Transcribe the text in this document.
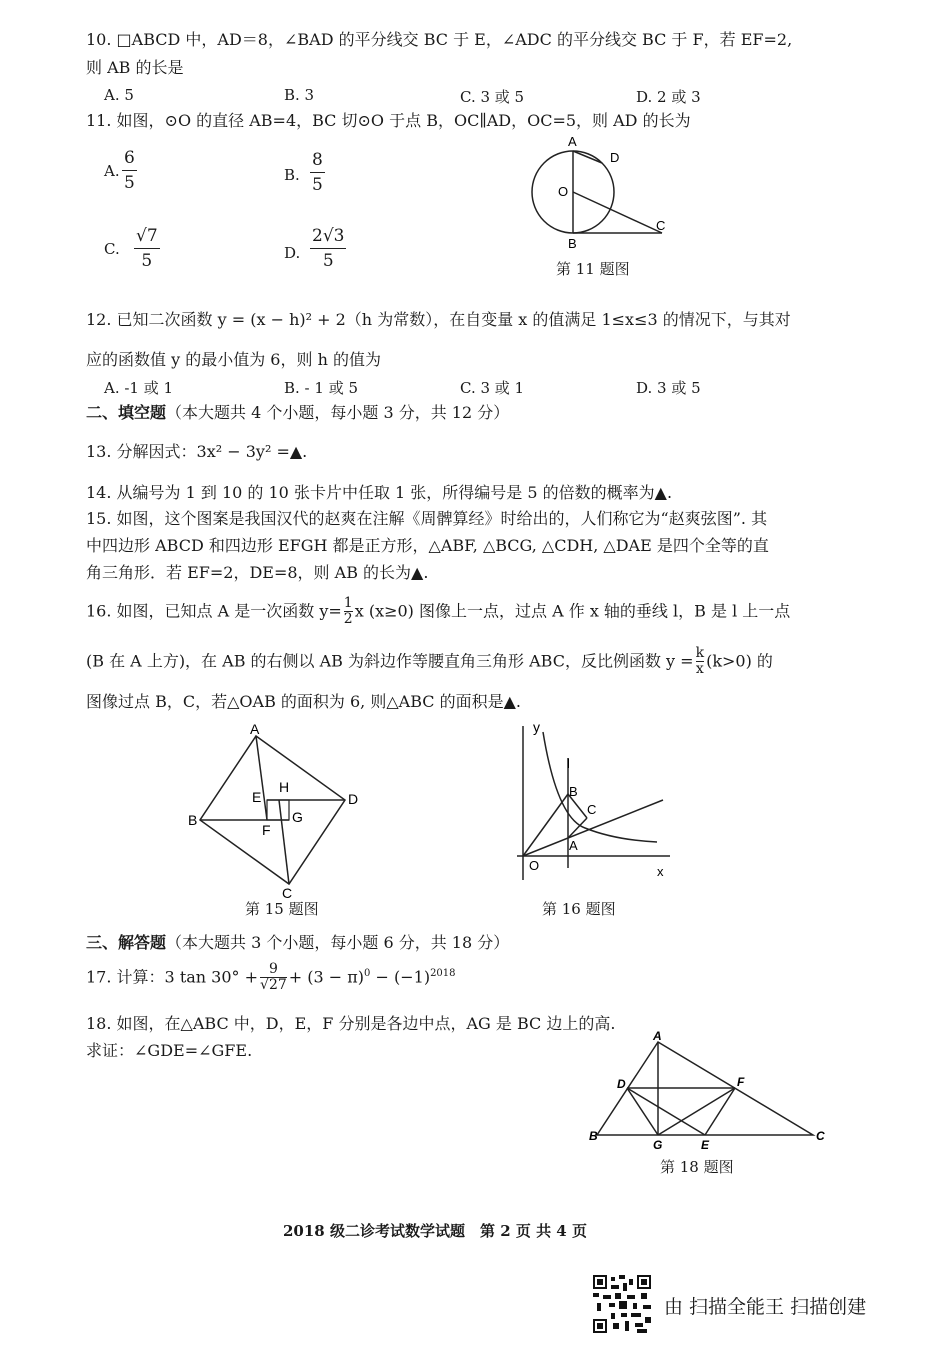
10. □ABCD 中，AD＝8，∠BAD 的平分线交 BC 于 E，∠ADC 的平分线交 BC 于 F，若 EF=2,
则 AB 的长是
A. 5	B. 3	C. 3 或 5	D. 2 或 3
11. 如图，⊙O 的直径 AB=4，BC 切⊙O 于点 B，OC∥AD，OC=5，则 AD 的长为
A.
6
5	B.
8
5
C.
√7
5	D.
2√3
5
A
D
O
B
C
第 11 题图
12. 已知二次函数 y = (x − h)² + 2（h 为常数），在自变量 x 的值满足 1≤x≤3 的情况下，与其对
应的函数值 y 的最小值为 6，则 h 的值为
A. -1 或 1	B. - 1 或 5	C. 3 或 1	D. 3 或 5
二、填空题（本大题共 4 个小题，每小题 3 分，共 12 分）
13. 分解因式：3x² − 3y² =▲.
14. 从编号为 1 到 10 的 10 张卡片中任取 1 张，所得编号是 5 的倍数的概率为▲.
15. 如图，这个图案是我国汉代的赵爽在注解《周髀算经》时给出的，人们称它为“赵爽弦图”. 其
中四边形 ABCD 和四边形 EFGH 都是正方形，△ABF, △BCG, △CDH, △DAE 是四个全等的直
角三角形．若 EF=2，DE=8，则 AB 的长为▲.
16. 如图，已知点 A 是一次函数 $y= \frac{1}{2}$ x (x≥0) 图像上一点，过点 A 作 x 轴的垂线 l，B 是 l 上一点
(B 在 A 上方)，在 AB 的右侧以 AB 为斜边作等腰直角三角形 ABC，反比例函数 $y = \frac{k}{x} (k>0)$ 的
图像过点 B，C，若△OAB 的面积为 6, 则△ABC 的面积是▲.
A
B
C
D
E
F
G
H
第 15 题图
y
l
B
C
A
O	x
第 16 题图
三、解答题（本大题共 3 个小题，每小题 6 分，共 18 分）
17. 计算：3 $\tan 30^\circ + \frac{9}{√27} + (3 - \pi)^0 - (-1)^{2018}$
18. 如图，在△ABC 中，D，E，F 分别是各边中点，AG 是 BC 边上的高.
求证：∠GDE=∠GFE.
A
D	F
B
G	E
C
第 18 题图
2018 级二诊考试数学试题　第 2 页 共 4 页
由 扫描全能王 扫描创建
